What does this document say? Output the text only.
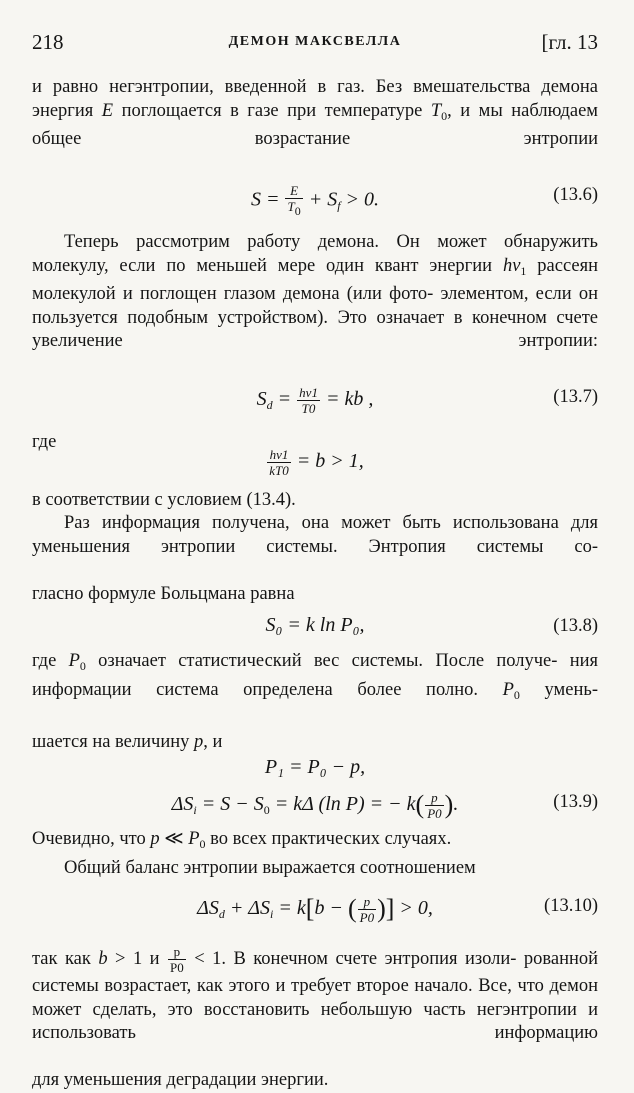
218	ДЕМОН МАКСВЕЛЛА	[гл. 13

и равно негэнтропии, введенной в газ. Без вмешательства демона энергия E поглощается в газе при температуре $T_0$, и мы наблюдаем общее возрастание энтропии

$S = \frac{E}{T0} + S_f > 0$.	(13.6)

Теперь рассмотрим работу демона. Он может обнаружить молекулу, если по меньшей мере один квант энергии $h\nu_1$ рассеян молекулой и поглощен глазом демона (или фото- элементом, если он пользуется подобным устройством). Это означает в конечном счете увеличение энтропии:

$S_d = \frac{h\nu 1}{T0}$ = kb ,	(13.7)

где

$\frac{h\nu 1}{kT0} = b > 1$,

в соответствии с условием (13.4).

Раз информация получена, она может быть использована для уменьшения энтропии системы. Энтропия системы со-

гласно формуле Больцмана равна

S₀ = k ln P₀,	(13.8)

где $P_0$ означает статистический вес системы. После получе- ния информации система определена более полно. $P_0$ умень-

шается на величину p, и

P₁ = P₀ − p,
$\Delta S_i = S - S_0 = k\Delta$ (ln P) = − $k( \frac{p}{P0}$ ).	(13.9)

Очевидно, что p ≪ $P_0$ во всех практических случаях.

Общий баланс энтропии выражается соотношением

$\Delta S_d + \Delta S_i = k[b$ − ( $\frac{p}{P0}$ )] > 0,	(13.10)

так как b > 1 и $\frac{p}{P0} < 1$. В конечном счете энтропия изоли- рованной системы возрастает, как этого и требует второе начало. Все, что демон может сделать, это восстановить небольшую часть негэнтропии и использовать информацию

для уменьшения деградации энергии.
